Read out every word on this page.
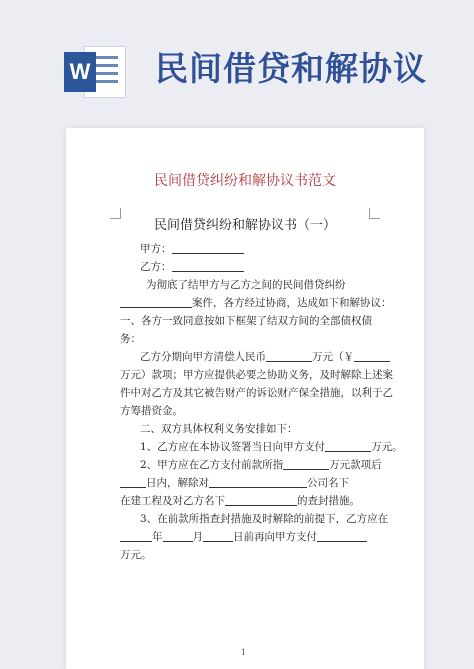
W 民间借贷和解协议
民间借贷纠纷和解协议书范文
民间借贷纠纷和解协议书（一）
甲方：
乙方：
为彻底了结甲方与乙方之间的民间借贷纠纷
案件，各方经过协商，达成如下和解协议：
一、各方一致同意按如下框架了结双方间的全部债权债
务：
乙方分期向甲方清偿人民币	万元（￥
万元）款项；甲方应提供必要之协助义务，及时解除上述案
件中对乙方及其它被告财产的诉讼财产保全措施，以利于乙
方筹措资金。
二、双方具体权利义务安排如下：
1、乙方应在本协议签署当日向甲方支付	万元。
2、甲方应在乙方支付前款所指	万元款项后
日内，解除对	公司名下
在建工程及对乙方名下	的查封措施。
3、在前款所指查封措施及时解除的前提下，乙方应在
年	月	日前再向甲方支付
万元。
1
